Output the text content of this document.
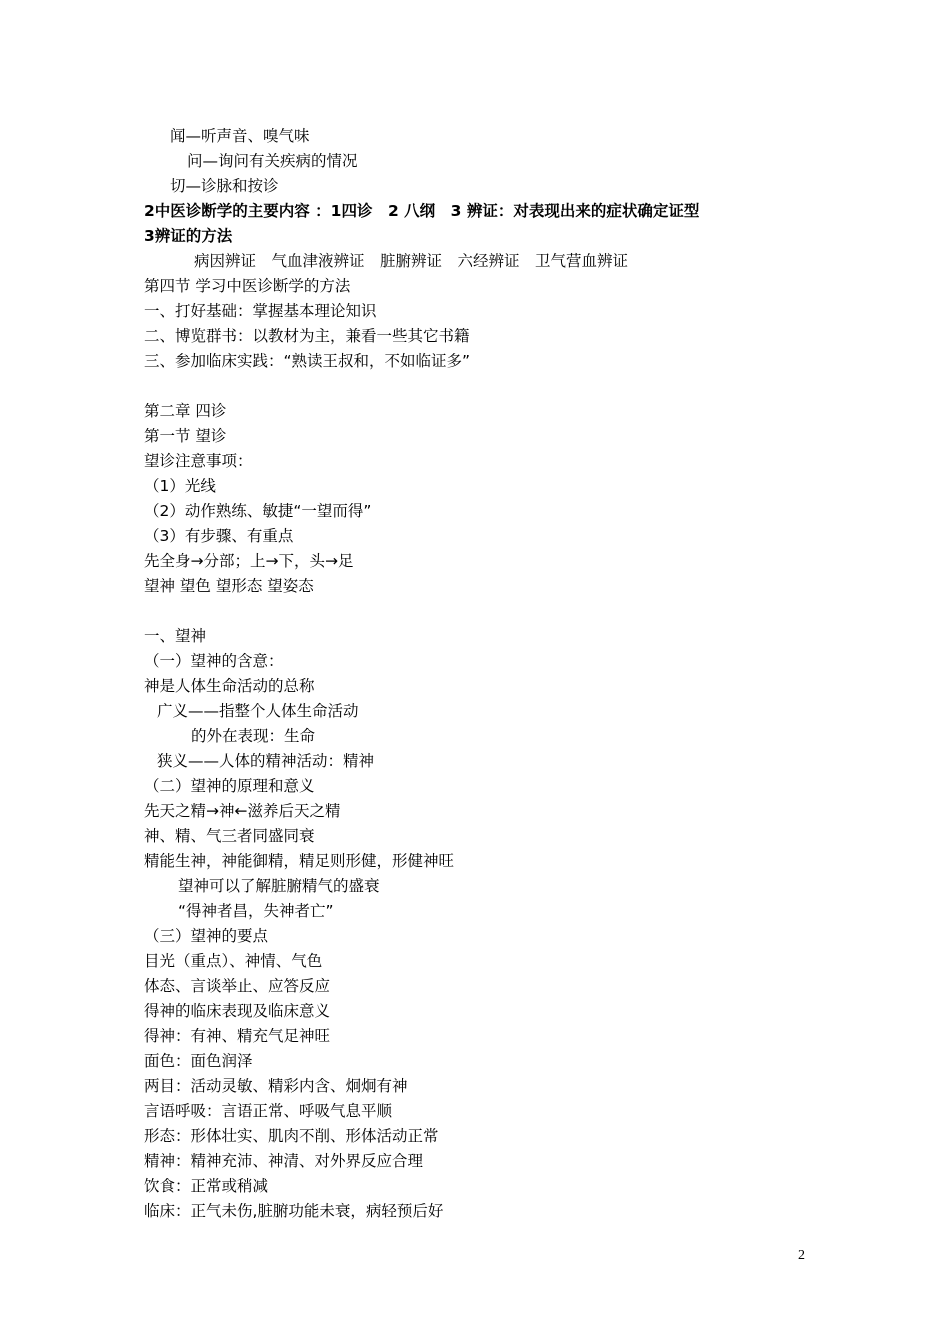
闻—听声音、嗅气味
问—询问有关疾病的情况
切—诊脉和按诊
2中医诊断学的主要内容 ：1四诊　2 八纲　3 辨证：对表现出来的症状确定证型
3辨证的方法
病因辨证　气血津液辨证　脏腑辨证　六经辨证　卫气营血辨证
第四节 学习中医诊断学的方法
一、打好基础：掌握基本理论知识
二、博览群书：以教材为主，兼看一些其它书籍
三、参加临床实践：“熟读王叔和，不如临证多”
第二章 四诊
第一节 望诊
望诊注意事项：
（1）光线
（2）动作熟练、敏捷“一望而得”
（3）有步骤、有重点
先全身→分部；上→下，头→足
望神 望色 望形态 望姿态
一、望神
（一）望神的含意：
神是人体生命活动的总称
广义——指整个人体生命活动
的外在表现：生命
狭义——人体的精神活动：精神
（二）望神的原理和意义
先天之精→神←滋养后天之精
神、精、气三者同盛同衰
精能生神，神能御精，精足则形健，形健神旺
望神可以了解脏腑精气的盛衰
“得神者昌，失神者亡”
（三）望神的要点
目光（重点）、神情、气色
体态、言谈举止、应答反应
得神的临床表现及临床意义
得神：有神、精充气足神旺
面色：面色润泽
两目：活动灵敏、精彩内含、炯炯有神
言语呼吸：言语正常、呼吸气息平顺
形态：形体壮实、肌肉不削、形体活动正常
精神：精神充沛、神清、对外界反应合理
饮食：正常或稍减
临床：正气未伤,脏腑功能未衰，病轻预后好
2
